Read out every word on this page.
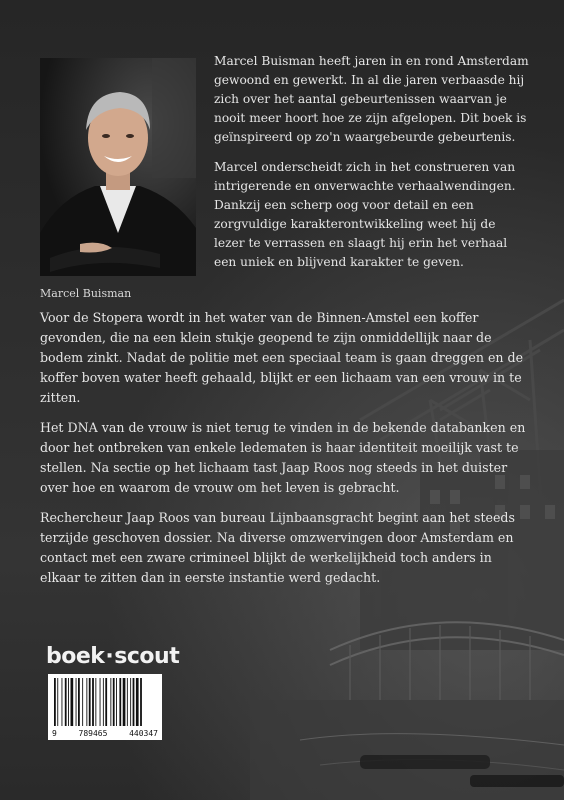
Marcel Buisman

Marcel Buisman heeft jaren in en rond Amsterdam gewoond en gewerkt. In al die jaren verbaasde hij zich over het aantal gebeurtenissen waarvan je nooit meer hoort hoe ze zijn afgelopen. Dit boek is geïnspireerd op zo'n waargebeurde gebeurtenis.

Marcel onderscheidt zich in het construeren van intrigerende en onverwachte verhaalwendingen. Dankzij een scherp oog voor detail en een zorgvuldige karakterontwikkeling weet hij de lezer te verrassen en slaagt hij erin het verhaal een uniek en blijvend karakter te geven.

Voor de Stopera wordt in het water van de Binnen-Amstel een koffer gevonden, die na een klein stukje geopend te zijn onmiddellijk naar de bodem zinkt. Nadat de politie met een speciaal team is gaan dreggen en de koffer boven water heeft gehaald, blijkt er een lichaam van een vrouw in te zitten.

Het DNA van de vrouw is niet terug te vinden in de bekende databanken en door het ontbreken van enkele ledematen is haar identiteit moeilijk vast te stellen. Na sectie op het lichaam tast Jaap Roos nog steeds in het duister over hoe en waarom de vrouw om het leven is gebracht.

Rechercheur Jaap Roos van bureau Lijnbaansgracht begint aan het steeds terzijde geschoven dossier. Na diverse omzwervingen door Amsterdam en contact met een zware crimineel blijkt de werkelijkheid toch anders in elkaar te zitten dan in eerste instantie werd gedacht.

boek·scout
9	789465	440347
